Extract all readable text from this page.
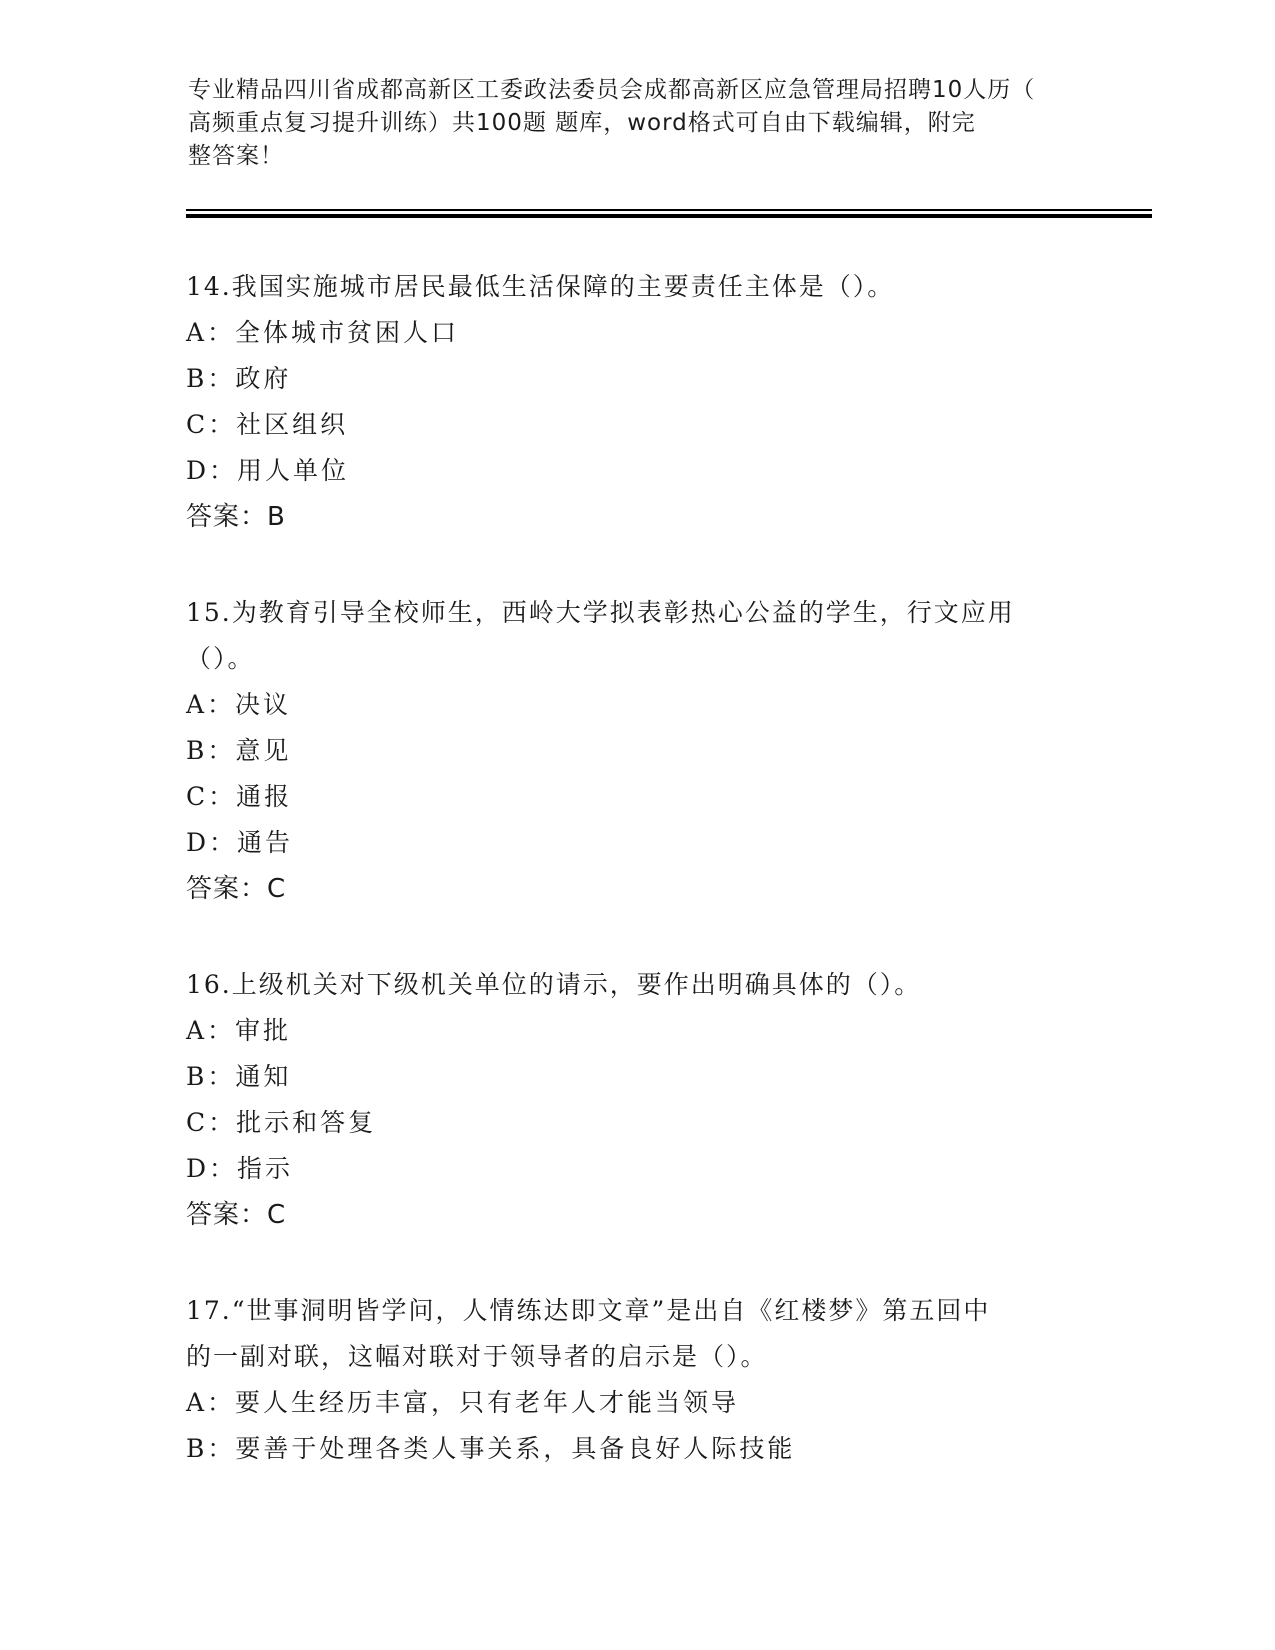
专业精品四川省成都高新区工委政法委员会成都高新区应急管理局招聘10人历（
高频重点复习提升训练）共100题 题库，word格式可自由下载编辑，附完
整答案！
14.我国实施城市居民最低生活保障的主要责任主体是（）。
A：全体城市贫困人口
B：政府
C：社区组织
D：用人单位
答案：B
15.为教育引导全校师生，西岭大学拟表彰热心公益的学生，行文应用
（）。
A：决议
B：意见
C：通报
D：通告
答案：C
16.上级机关对下级机关单位的请示，要作出明确具体的（）。
A：审批
B：通知
C：批示和答复
D：指示
答案：C
17.“世事洞明皆学问，人情练达即文章”是出自《红楼梦》第五回中
的一副对联，这幅对联对于领导者的启示是（）。
A：要人生经历丰富，只有老年人才能当领导
B：要善于处理各类人事关系，具备良好人际技能
